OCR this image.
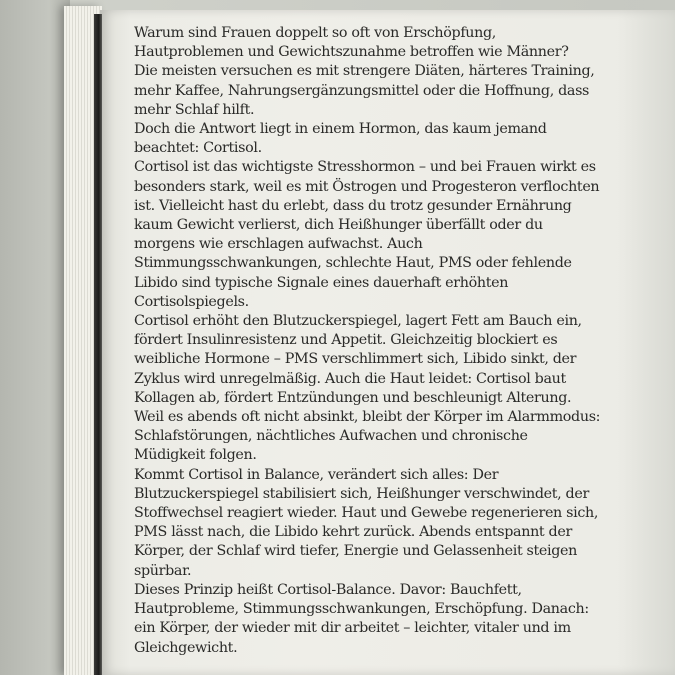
Warum sind Frauen doppelt so oft von Erschöpfung,
Hautproblemen und Gewichtszunahme betroffen wie Männer?
Die meisten versuchen es mit strengere Diäten, härteres Training,
mehr Kaffee, Nahrungsergänzungsmittel oder die Hoffnung, dass
mehr Schlaf hilft.
Doch die Antwort liegt in einem Hormon, das kaum jemand
beachtet: Cortisol.
Cortisol ist das wichtigste Stresshormon – und bei Frauen wirkt es
besonders stark, weil es mit Östrogen und Progesteron verflochten
ist. Vielleicht hast du erlebt, dass du trotz gesunder Ernährung
kaum Gewicht verlierst, dich Heißhunger überfällt oder du
morgens wie erschlagen aufwachst. Auch
Stimmungsschwankungen, schlechte Haut, PMS oder fehlende
Libido sind typische Signale eines dauerhaft erhöhten
Cortisolspiegels.
Cortisol erhöht den Blutzuckerspiegel, lagert Fett am Bauch ein,
fördert Insulinresistenz und Appetit. Gleichzeitig blockiert es
weibliche Hormone – PMS verschlimmert sich, Libido sinkt, der
Zyklus wird unregelmäßig. Auch die Haut leidet: Cortisol baut
Kollagen ab, fördert Entzündungen und beschleunigt Alterung.
Weil es abends oft nicht absinkt, bleibt der Körper im Alarmmodus:
Schlafstörungen, nächtliches Aufwachen und chronische
Müdigkeit folgen.
Kommt Cortisol in Balance, verändert sich alles: Der
Blutzuckerspiegel stabilisiert sich, Heißhunger verschwindet, der
Stoffwechsel reagiert wieder. Haut und Gewebe regenerieren sich,
PMS lässt nach, die Libido kehrt zurück. Abends entspannt der
Körper, der Schlaf wird tiefer, Energie und Gelassenheit steigen
spürbar.
Dieses Prinzip heißt Cortisol-Balance. Davor: Bauchfett,
Hautprobleme, Stimmungsschwankungen, Erschöpfung. Danach:
ein Körper, der wieder mit dir arbeitet – leichter, vitaler und im
Gleichgewicht.
